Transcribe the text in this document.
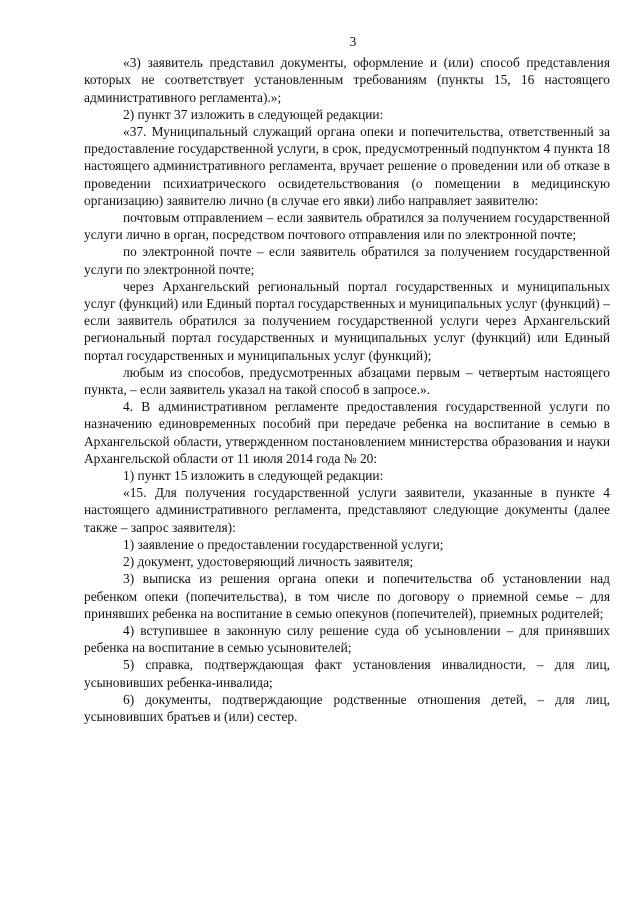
3

«3) заявитель представил документы, оформление и (или) способ представления которых не соответствует установленным требованиям (пункты 15, 16 настоящего административного регламента).»;

2) пункт 37 изложить в следующей редакции:

«37. Муниципальный служащий органа опеки и попечительства, ответственный за предоставление государственной услуги, в срок, предусмотренный подпунктом 4 пункта 18 настоящего административного регламента, вручает решение о проведении или об отказе в проведении психиатрического освидетельствования (о помещении в медицинскую организацию) заявителю лично (в случае его явки) либо направляет заявителю:

почтовым отправлением – если заявитель обратился за получением государственной услуги лично в орган, посредством почтового отправления или по электронной почте;

по электронной почте – если заявитель обратился за получением государственной услуги по электронной почте;

через Архангельский региональный портал государственных и муниципальных услуг (функций) или Единый портал государственных и муниципальных услуг (функций) – если заявитель обратился за получением государственной услуги через Архангельский региональный портал государственных и муниципальных услуг (функций) или Единый портал государственных и муниципальных услуг (функций);

любым из способов, предусмотренных абзацами первым – четвертым настоящего пункта, – если заявитель указал на такой способ в запросе.».

4. В административном регламенте предоставления государственной услуги по назначению единовременных пособий при передаче ребенка на воспитание в семью в Архангельской области, утвержденном постановлением министерства образования и науки Архангельской области от 11 июля 2014 года № 20:

1) пункт 15 изложить в следующей редакции:

«15. Для получения государственной услуги заявители, указанные в пункте 4 настоящего административного регламента, представляют следующие документы (далее также – запрос заявителя):

1) заявление о предоставлении государственной услуги;

2) документ, удостоверяющий личность заявителя;

3) выписка из решения органа опеки и попечительства об установлении над ребенком опеки (попечительства), в том числе по договору о приемной семье – для принявших ребенка на воспитание в семью опекунов (попечителей), приемных родителей;

4) вступившее в законную силу решение суда об усыновлении – для принявших ребенка на воспитание в семью усыновителей;

5) справка, подтверждающая факт установления инвалидности, – для лиц, усыновивших ребенка-инвалида;

6) документы, подтверждающие родственные отношения детей, – для лиц, усыновивших братьев и (или) сестер.
